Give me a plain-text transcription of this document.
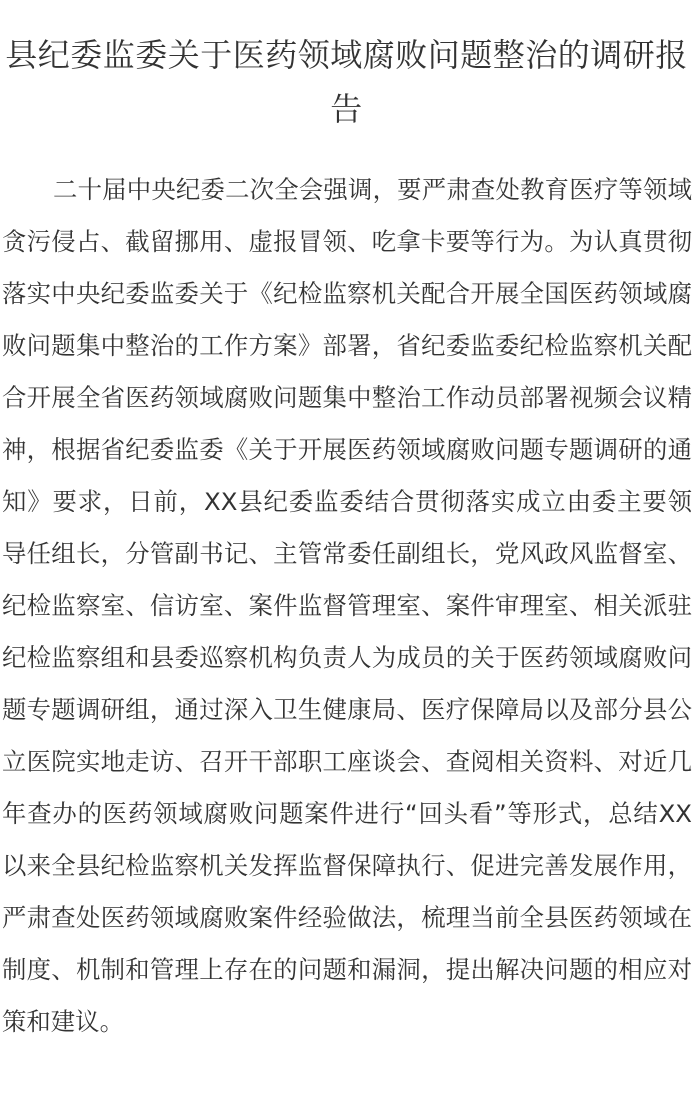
县纪委监委关于医药领域腐败问题整治的调研报告

二十届中央纪委二次全会强调，要严肃查处教育医疗等领域贪污侵占、截留挪用、虚报冒领、吃拿卡要等行为。为认真贯彻落实中央纪委监委关于《纪检监察机关配合开展全国医药领域腐败问题集中整治的工作方案》部署，省纪委监委纪检监察机关配合开展全省医药领域腐败问题集中整治工作动员部署视频会议精神，根据省纪委监委《关于开展医药领域腐败问题专题调研的通知》要求，日前，XX县纪委监委结合贯彻落实成立由委主要领导任组长，分管副书记、主管常委任副组长，党风政风监督室、纪检监察室、信访室、案件监督管理室、案件审理室、相关派驻纪检监察组和县委巡察机构负责人为成员的关于医药领域腐败问题专题调研组，通过深入卫生健康局、医疗保障局以及部分县公立医院实地走访、召开干部职工座谈会、查阅相关资料、对近几年查办的医药领域腐败问题案件进行“回头看”等形式，总结XX以来全县纪检监察机关发挥监督保障执行、促进完善发展作用，严肃查处医药领域腐败案件经验做法，梳理当前全县医药领域在制度、机制和管理上存在的问题和漏洞，提出解决问题的相应对策和建议。
